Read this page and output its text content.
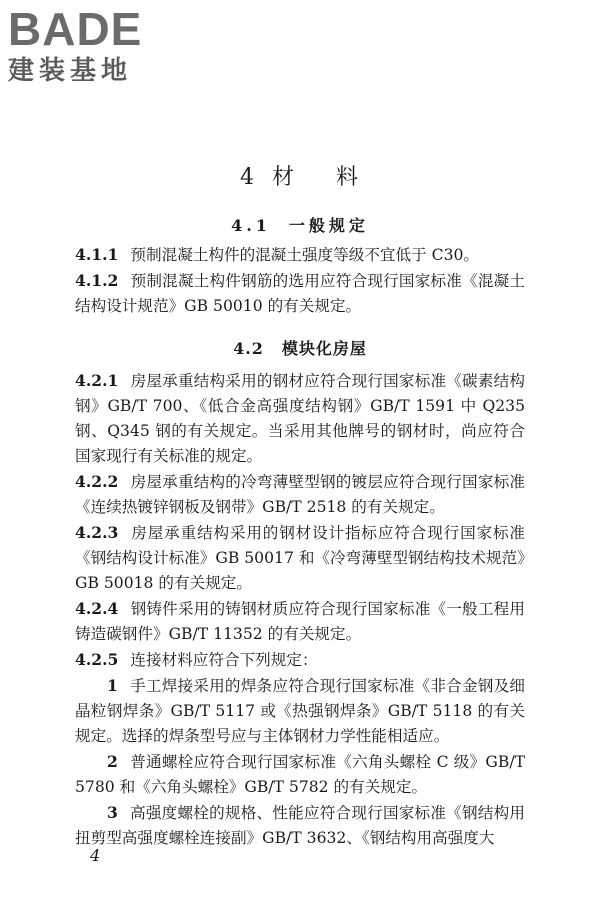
BADE
建装基地
4 材 料
4.1 一般规定

4.1.1 预制混凝土构件的混凝土强度等级不宜低于 C30。

4.1.2 预制混凝土构件钢筋的选用应符合现行国家标准《混凝土结构设计规范》GB 50010 的有关规定。

4.2 模块化房屋

4.2.1 房屋承重结构采用的钢材应符合现行国家标准《碳素结构钢》GB/T 700、《低合金高强度结构钢》GB/T 1591 中 Q235 钢、Q345 钢的有关规定。当采用其他牌号的钢材时，尚应符合国家现行有关标准的规定。

4.2.2 房屋承重结构的冷弯薄壁型钢的镀层应符合现行国家标准《连续热镀锌钢板及钢带》GB/T 2518 的有关规定。

4.2.3 房屋承重结构采用的钢材设计指标应符合现行国家标准《钢结构设计标准》GB 50017 和《冷弯薄壁型钢结构技术规范》GB 50018 的有关规定。

4.2.4 钢铸件采用的铸钢材质应符合现行国家标准《一般工程用铸造碳钢件》GB/T 11352 的有关规定。

4.2.5 连接材料应符合下列规定：

1 手工焊接采用的焊条应符合现行国家标准《非合金钢及细晶粒钢焊条》GB/T 5117 或《热强钢焊条》GB/T 5118 的有关规定。选择的焊条型号应与主体钢材力学性能相适应。

2 普通螺栓应符合现行国家标准《六角头螺栓 C 级》GB/T 5780 和《六角头螺栓》GB/T 5782 的有关规定。

3 高强度螺栓的规格、性能应符合现行国家标准《钢结构用扭剪型高强度螺栓连接副》GB/T 3632、《钢结构用高强度大

4
